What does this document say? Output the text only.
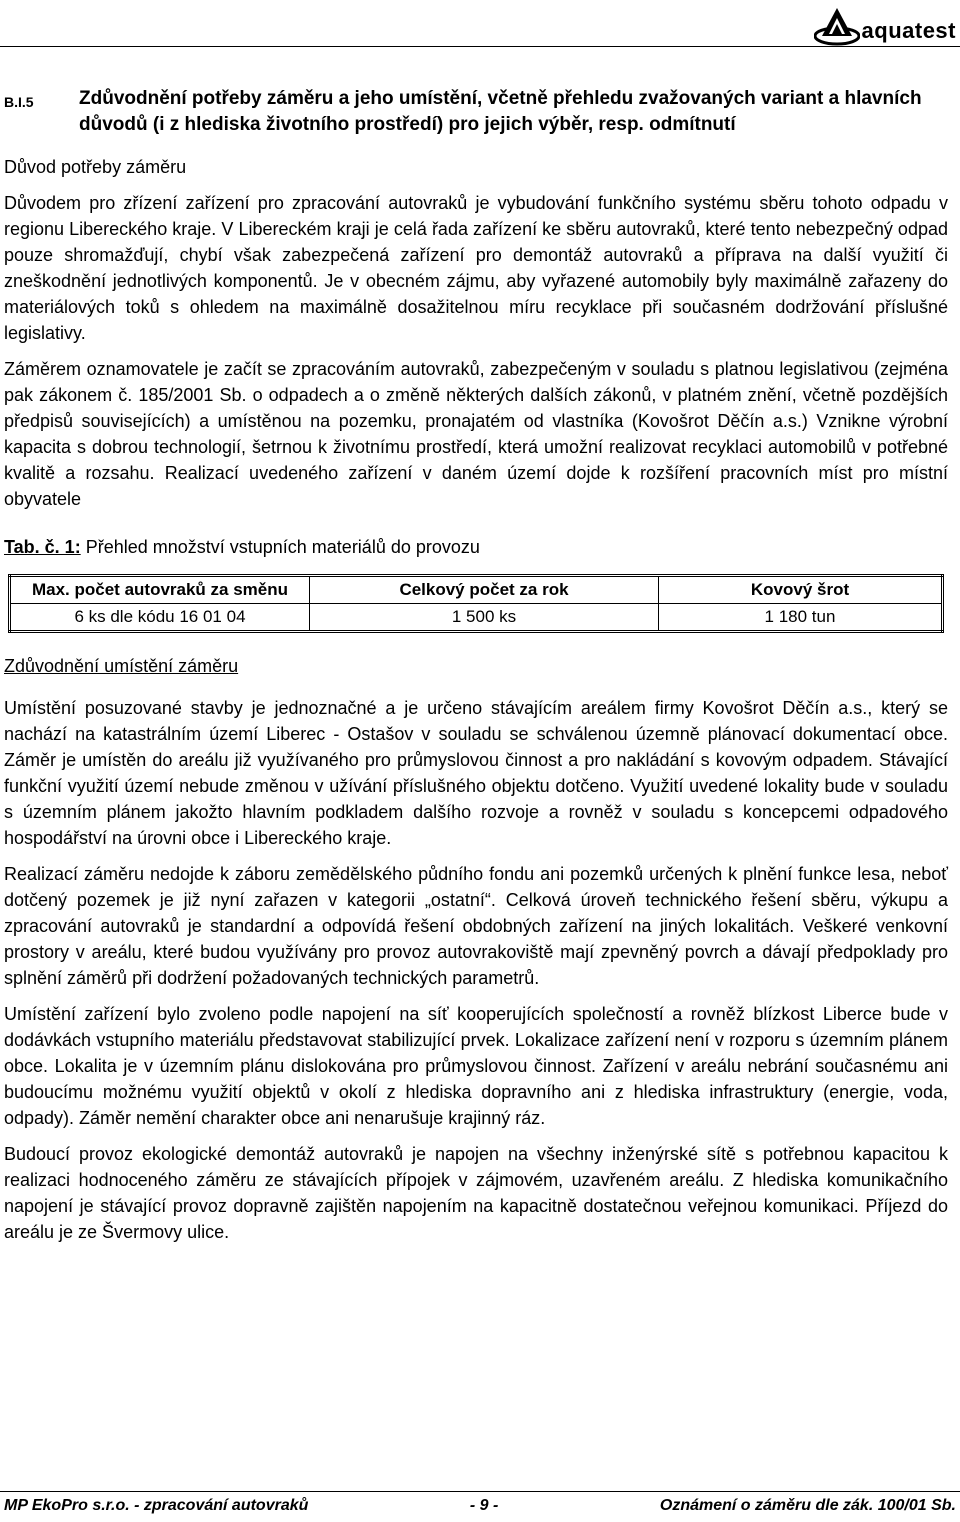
aquatest
B.I.5	Zdůvodnění potřeby záměru a jeho umístění, včetně přehledu zvažovaných variant a hlavních důvodů (i z hlediska životního prostředí) pro jejich výběr, resp. odmítnutí
Důvod potřeby záměru

Důvodem pro zřízení zařízení pro zpracování autovraků je vybudování funkčního systému sběru tohoto odpadu v regionu Libereckého kraje. V Libereckém kraji je celá řada zařízení ke sběru autovraků, které tento nebezpečný odpad pouze shromažďují, chybí však zabezpečená zařízení pro demontáž autovraků a příprava na další využití či zneškodnění jednotlivých komponentů. Je v obecném zájmu, aby vyřazené automobily byly maximálně zařazeny do materiálových toků s ohledem na maximálně dosažitelnou míru recyklace při současném dodržování příslušné legislativy.

Záměrem oznamovatele je začít se zpracováním autovraků, zabezpečeným v souladu s platnou legislativou (zejména pak zákonem č. 185/2001 Sb. o odpadech a o změně některých dalších zákonů, v platném znění, včetně pozdějších předpisů souvisejících) a umístěnou na pozemku, pronajatém od vlastníka (Kovošrot Děčín a.s.) Vznikne výrobní kapacita s dobrou technologií, šetrnou k životnímu prostředí, která umožní realizovat recyklaci automobilů v potřebné kvalitě a rozsahu. Realizací uvedeného zařízení v daném území dojde k rozšíření pracovních míst pro místní obyvatele

Tab. č. 1: Přehled množství vstupních materiálů do provozu
Max. počet autovraků za směnu	Celkový počet za rok	Kovový šrot
6 ks dle kódu 16 01 04	1 500 ks	1 180 tun
Zdůvodnění umístění záměru

Umístění posuzované stavby je jednoznačné a je určeno stávajícím areálem firmy Kovošrot Děčín a.s., který se nachází na katastrálním území Liberec - Ostašov v souladu se schválenou územně plánovací dokumentací obce. Záměr je umístěn do areálu již využívaného pro průmyslovou činnost a pro nakládání s kovovým odpadem. Stávající funkční využití území nebude změnou v užívání příslušného objektu dotčeno. Využití uvedené lokality bude v souladu s územním plánem jakožto hlavním podkladem dalšího rozvoje a rovněž v souladu s koncepcemi odpadového hospodářství na úrovni obce i Libereckého kraje.

Realizací záměru nedojde k záboru zemědělského půdního fondu ani pozemků určených k plnění funkce lesa, neboť dotčený pozemek je již nyní zařazen v kategorii „ostatní“. Celková úroveň technického řešení sběru, výkupu a zpracování autovraků je standardní a odpovídá řešení obdobných zařízení na jiných lokalitách. Veškeré venkovní prostory v areálu, které budou využívány pro provoz autovrakoviště mají zpevněný povrch a dávají předpoklady pro splnění záměrů při dodržení požadovaných technických parametrů.

Umístění zařízení bylo zvoleno podle napojení na síť kooperujících společností a rovněž blízkost Liberce bude v dodávkách vstupního materiálu představovat stabilizující prvek. Lokalizace zařízení není v rozporu s územním plánem obce. Lokalita je v územním plánu dislokována pro průmyslovou činnost. Zařízení v areálu nebrání současnému ani budoucímu možnému využití objektů v okolí z hlediska dopravního ani z hlediska infrastruktury (energie, voda, odpady). Záměr nemění charakter obce ani nenarušuje krajinný ráz.

Budoucí provoz ekologické demontáž autovraků je napojen na všechny inženýrské sítě s potřebnou kapacitou k realizaci hodnoceného záměru ze stávajících přípojek v zájmovém, uzavřeném areálu. Z hlediska komunikačního napojení je stávající provoz dopravně zajištěn napojením na kapacitně dostatečnou veřejnou komunikaci. Příjezd do areálu je ze Švermovy ulice.

MP EkoPro s.r.o. - zpracování autovraků	- 9 -	Oznámení o záměru dle zák. 100/01 Sb.
